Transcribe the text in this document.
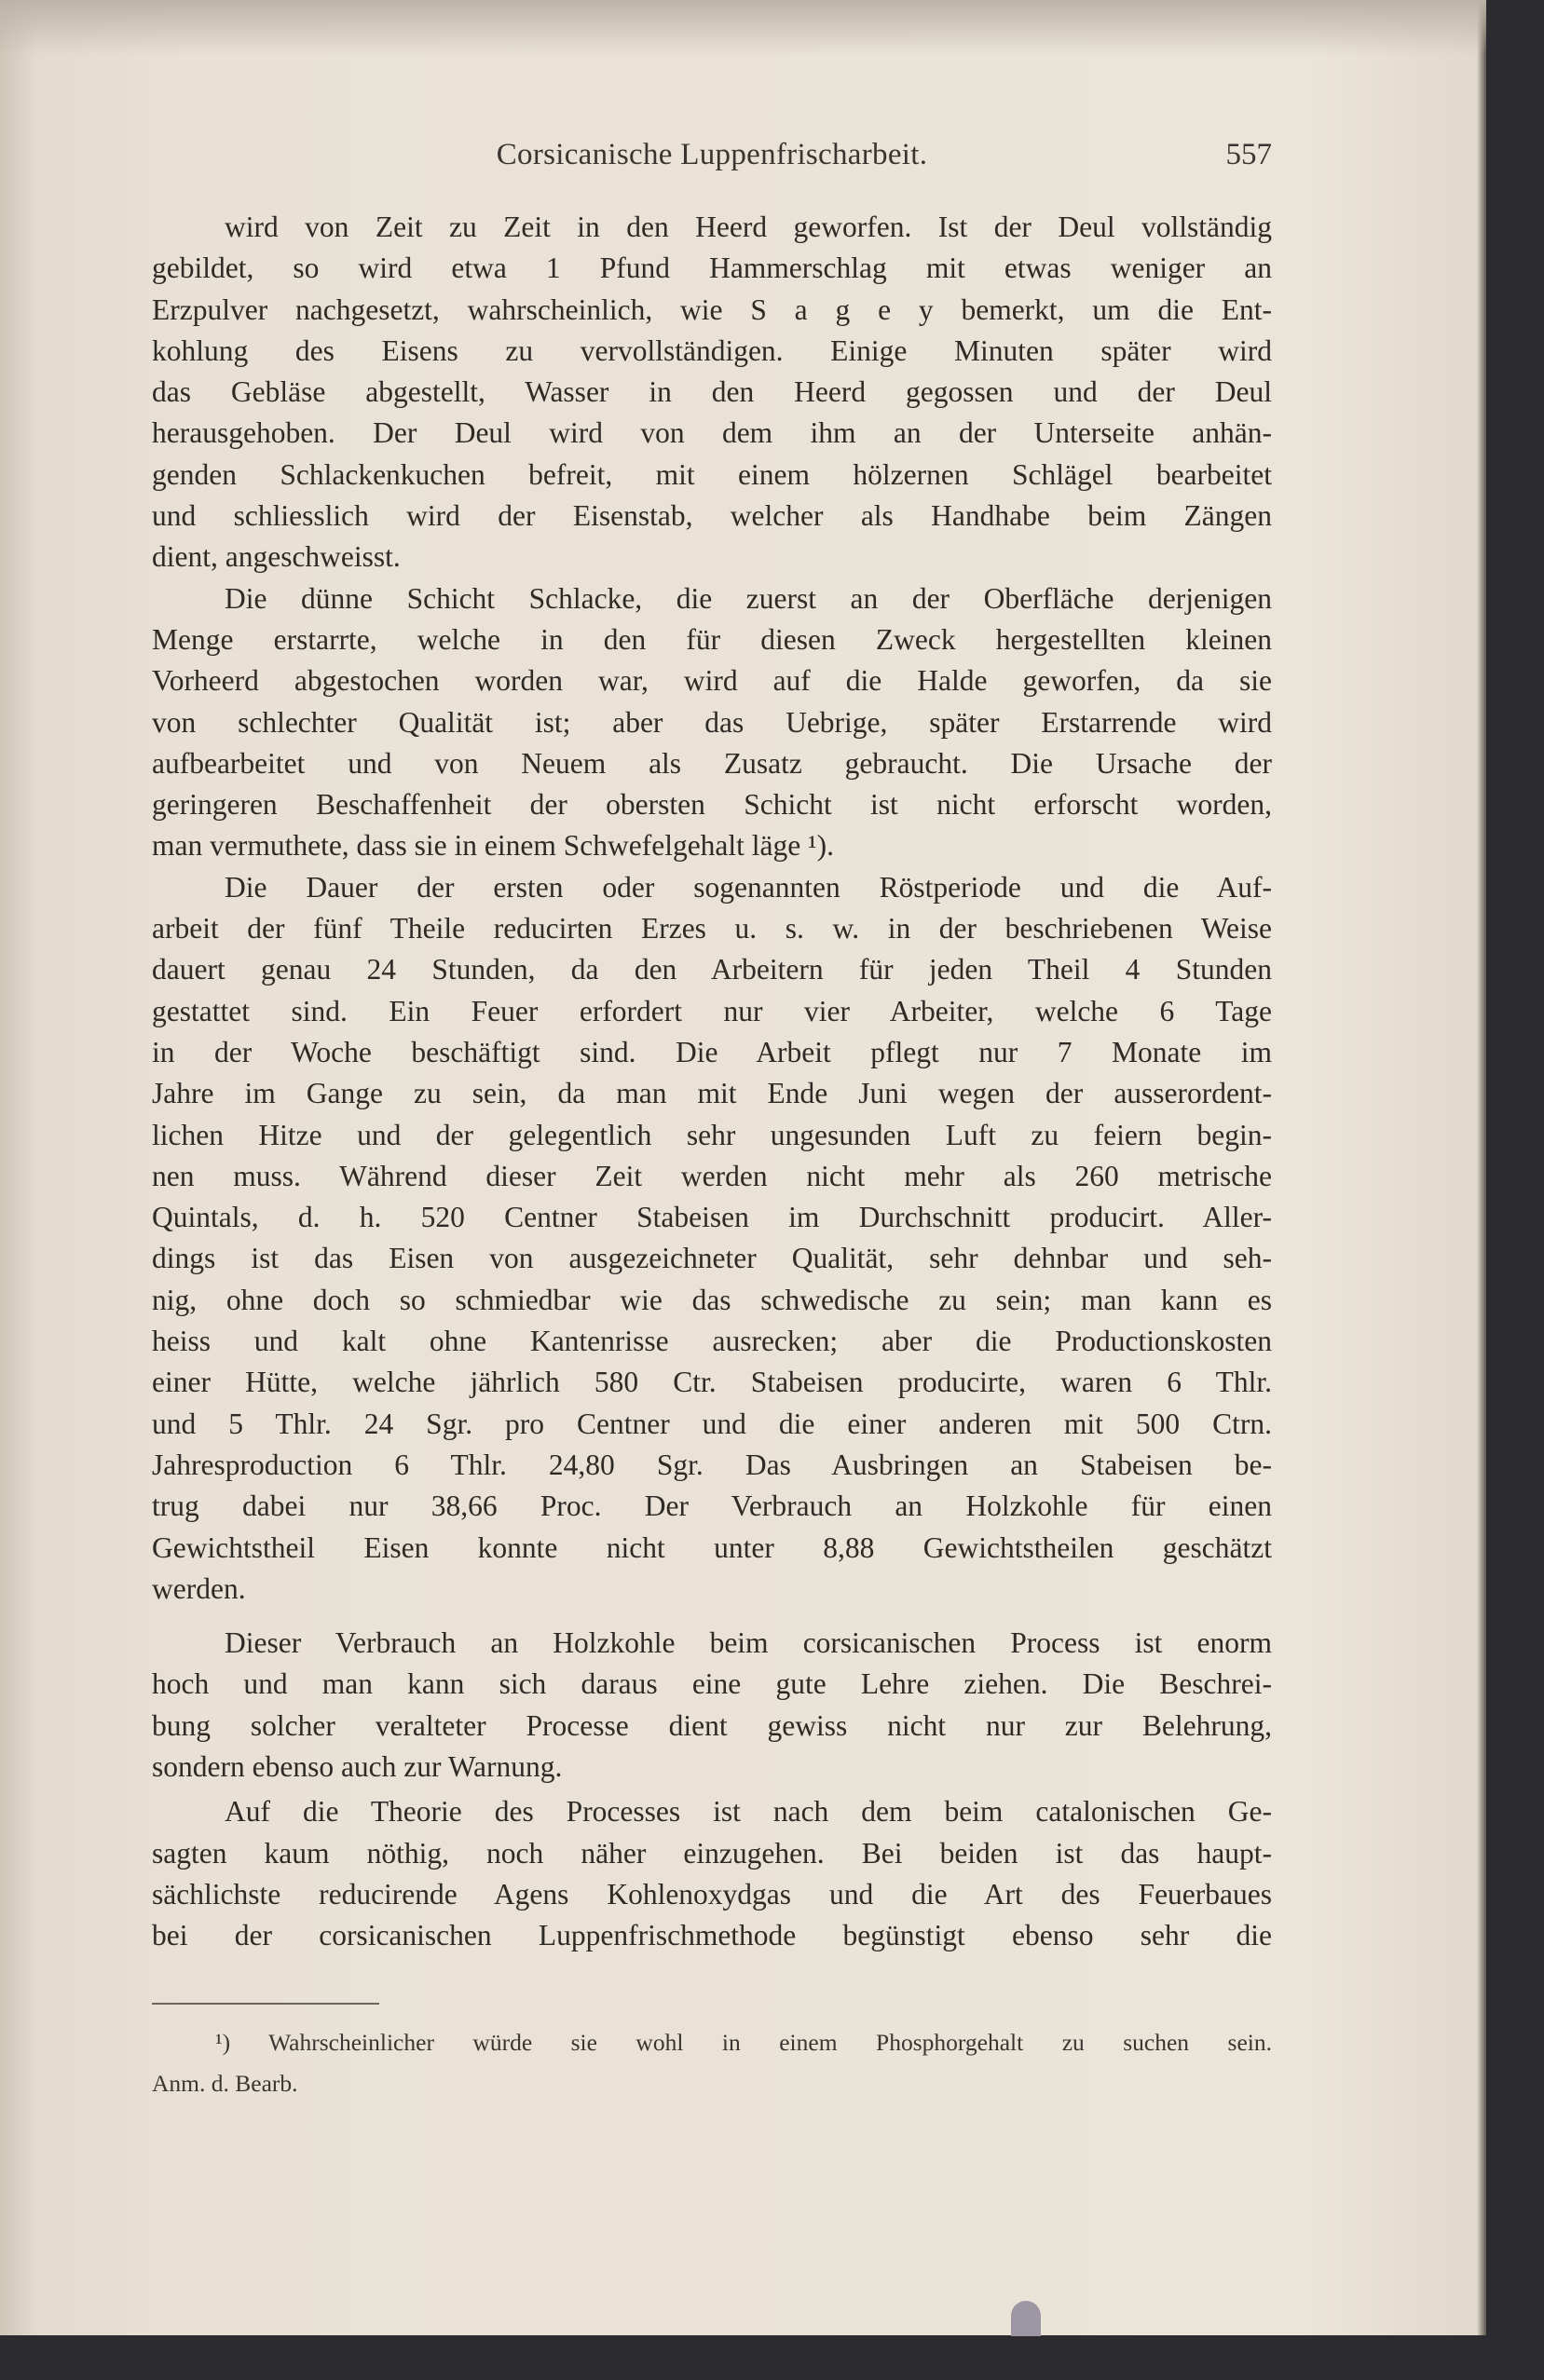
Corsicanische Luppenfrischarbeit.	557
wird von Zeit zu Zeit in den Heerd geworfen. Ist der Deul vollständig
gebildet, so wird etwa 1 Pfund Hammerschlag mit etwas weniger an
Erzpulver nachgesetzt, wahrscheinlich, wie S a g e y bemerkt, um die Ent-
kohlung des Eisens zu vervollständigen. Einige Minuten später wird
das Gebläse abgestellt, Wasser in den Heerd gegossen und der Deul
herausgehoben. Der Deul wird von dem ihm an der Unterseite anhän-
genden Schlackenkuchen befreit, mit einem hölzernen Schlägel bearbeitet
und schliesslich wird der Eisenstab, welcher als Handhabe beim Zängen
dient, angeschweisst.
Die dünne Schicht Schlacke, die zuerst an der Oberfläche derjenigen
Menge erstarrte, welche in den für diesen Zweck hergestellten kleinen
Vorheerd abgestochen worden war, wird auf die Halde geworfen, da sie
von schlechter Qualität ist; aber das Uebrige, später Erstarrende wird
aufbearbeitet und von Neuem als Zusatz gebraucht. Die Ursache der
geringeren Beschaffenheit der obersten Schicht ist nicht erforscht worden,
man vermuthete, dass sie in einem Schwefelgehalt läge ¹).
Die Dauer der ersten oder sogenannten Röstperiode und die Auf-
arbeit der fünf Theile reducirten Erzes u. s. w. in der beschriebenen Weise
dauert genau 24 Stunden, da den Arbeitern für jeden Theil 4 Stunden
gestattet sind. Ein Feuer erfordert nur vier Arbeiter, welche 6 Tage
in der Woche beschäftigt sind. Die Arbeit pflegt nur 7 Monate im
Jahre im Gange zu sein, da man mit Ende Juni wegen der ausserordent-
lichen Hitze und der gelegentlich sehr ungesunden Luft zu feiern begin-
nen muss. Während dieser Zeit werden nicht mehr als 260 metrische
Quintals, d. h. 520 Centner Stabeisen im Durchschnitt producirt. Aller-
dings ist das Eisen von ausgezeichneter Qualität, sehr dehnbar und seh-
nig, ohne doch so schmiedbar wie das schwedische zu sein; man kann es
heiss und kalt ohne Kantenrisse ausrecken; aber die Productionskosten
einer Hütte, welche jährlich 580 Ctr. Stabeisen producirte, waren 6 Thlr.
und 5 Thlr. 24 Sgr. pro Centner und die einer anderen mit 500 Ctrn.
Jahresproduction 6 Thlr. 24,80 Sgr. Das Ausbringen an Stabeisen be-
trug dabei nur 38,66 Proc. Der Verbrauch an Holzkohle für einen
Gewichtstheil Eisen konnte nicht unter 8,88 Gewichtstheilen geschätzt
werden.
Dieser Verbrauch an Holzkohle beim corsicanischen Process ist enorm
hoch und man kann sich daraus eine gute Lehre ziehen. Die Beschrei-
bung solcher veralteter Processe dient gewiss nicht nur zur Belehrung,
sondern ebenso auch zur Warnung.
Auf die Theorie des Processes ist nach dem beim catalonischen Ge-
sagten kaum nöthig, noch näher einzugehen. Bei beiden ist das haupt-
sächlichste reducirende Agens Kohlenoxydgas und die Art des Feuerbaues
bei der corsicanischen Luppenfrischmethode begünstigt ebenso sehr die
¹) Wahrscheinlicher würde sie wohl in einem Phosphorgehalt zu suchen sein.
Anm. d. Bearb.
